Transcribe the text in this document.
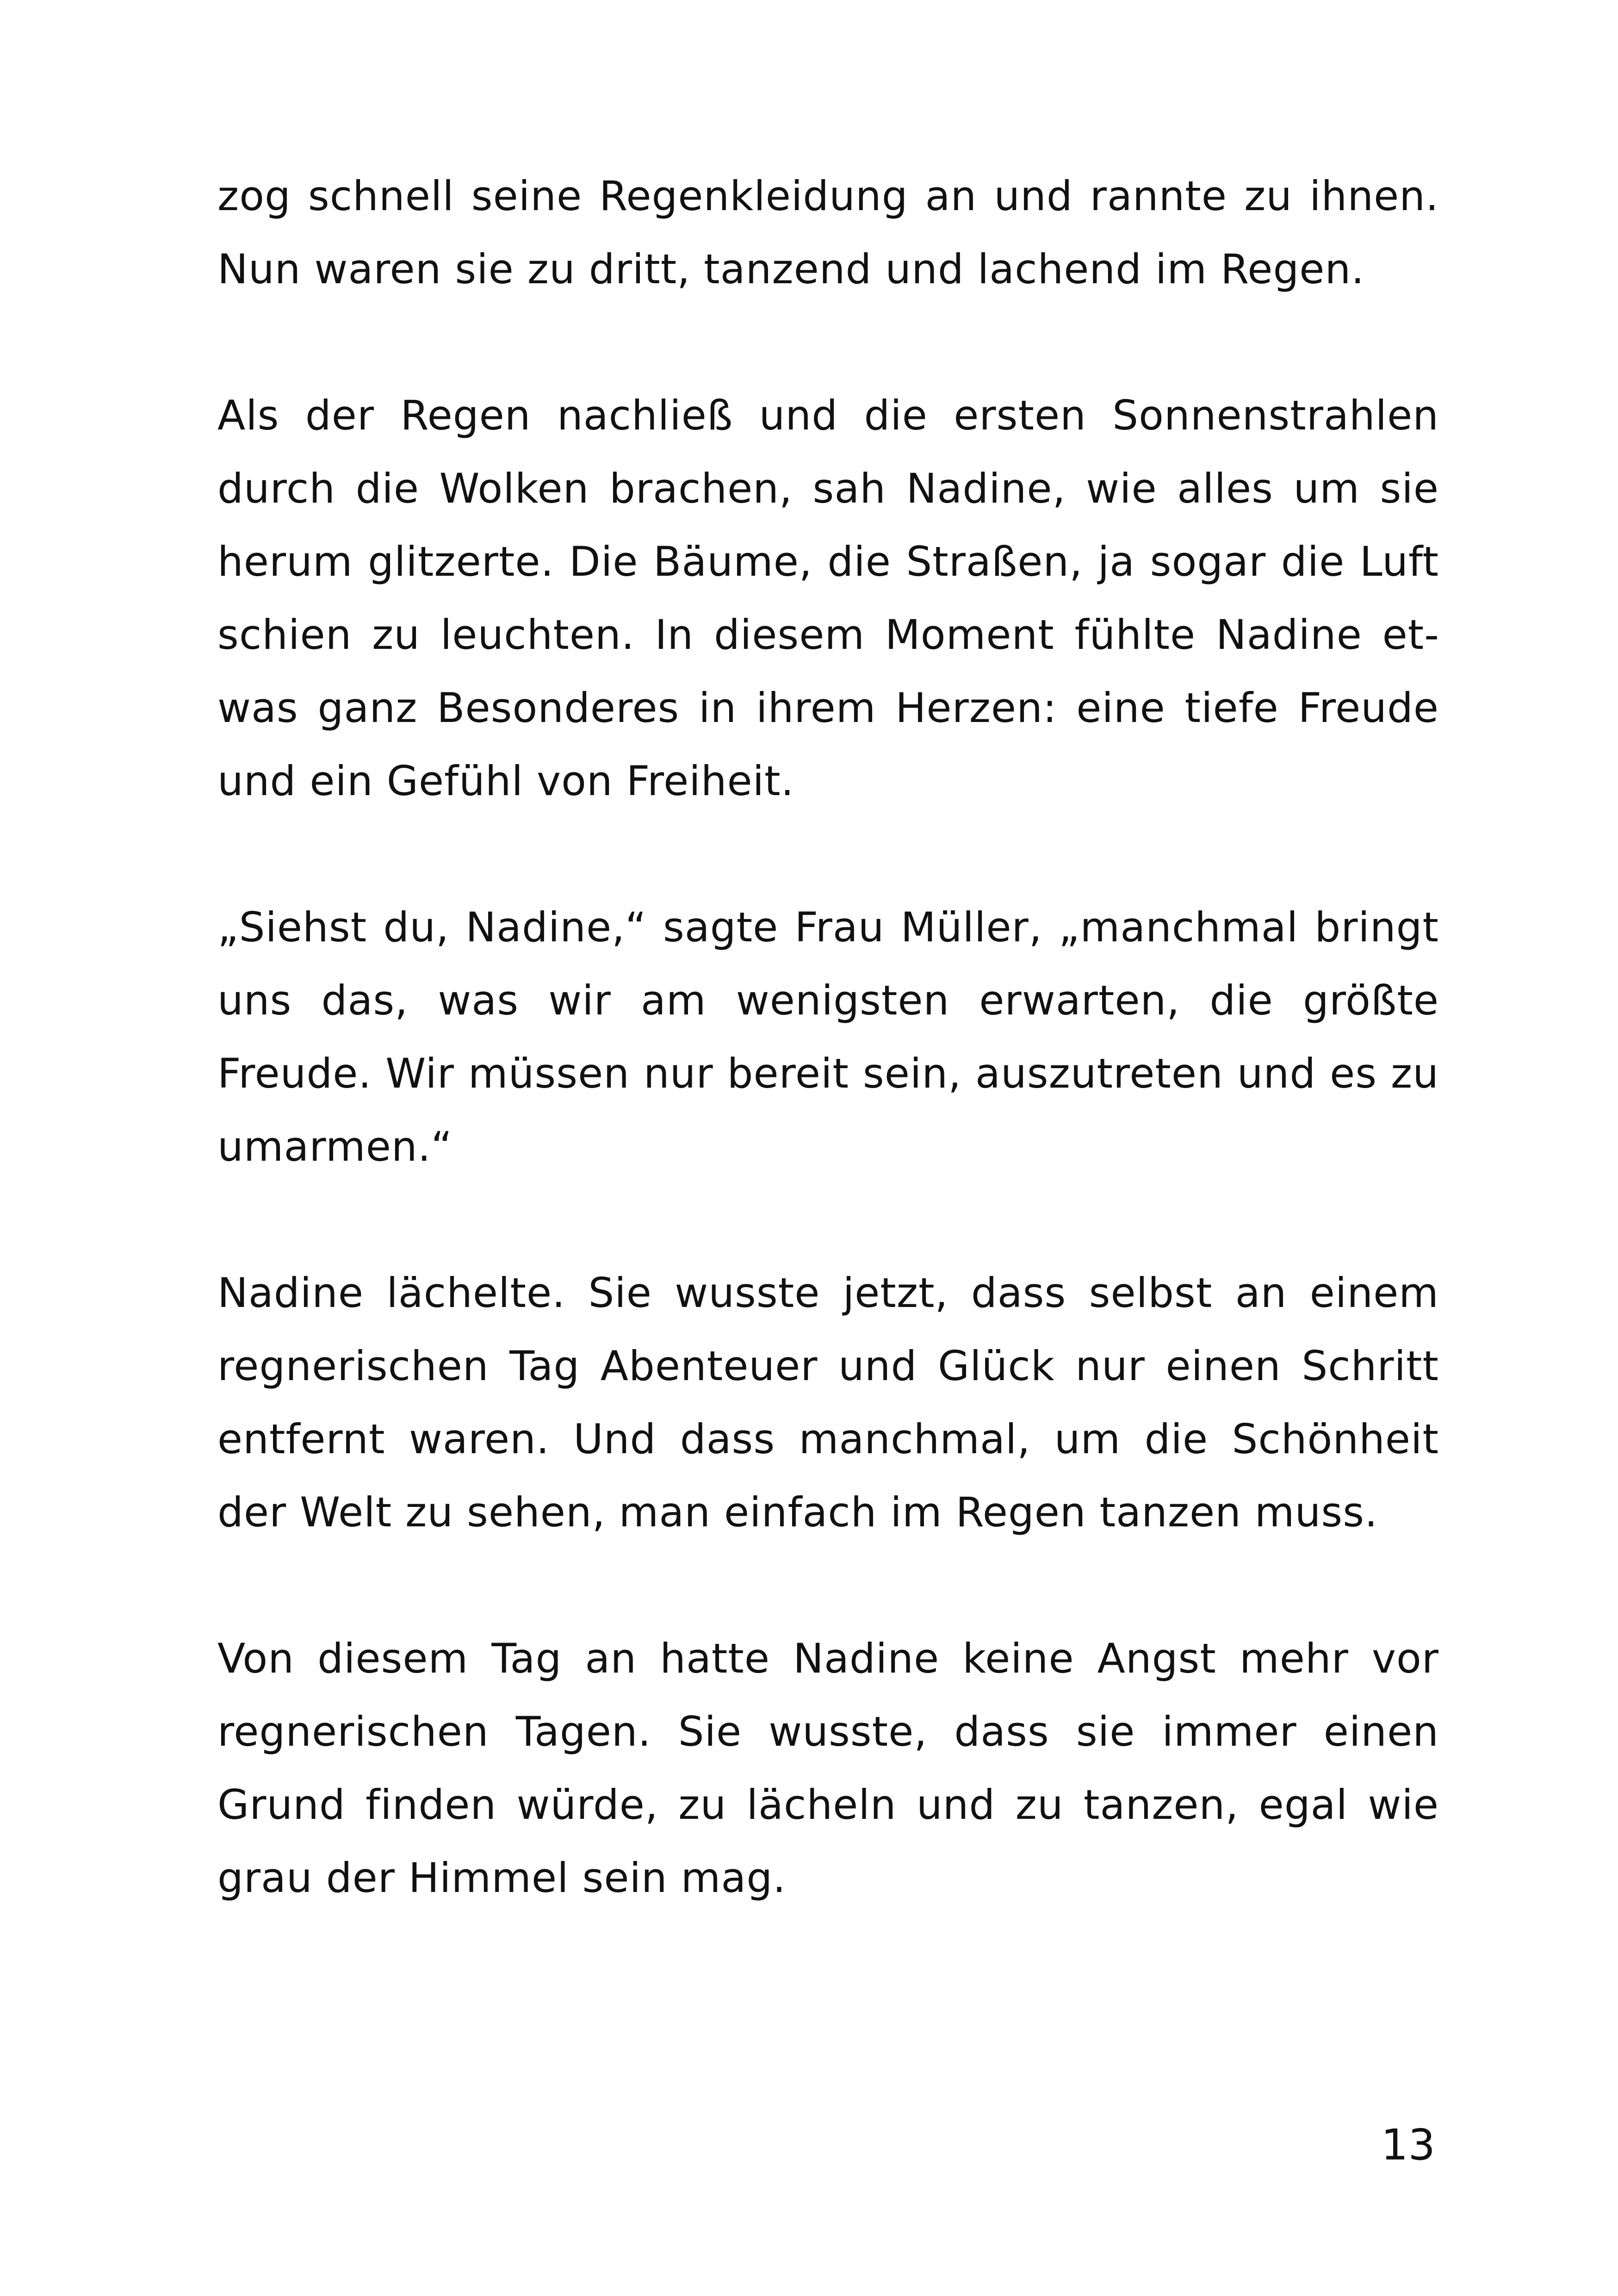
zog schnell seine Regenkleidung an und rannte zu ihnen. Nun waren sie zu dritt, tanzend und lachend im Regen.

Als der Regen nachließ und die ersten Sonnenstrahlen durch die Wolken brachen, sah Nadine, wie alles um sie herum glitzerte. Die Bäume, die Straßen, ja sogar die Luft schien zu leuchten. In diesem Moment fühlte Nadine etwas ganz Besonderes in ihrem Herzen: eine tiefe Freude und ein Gefühl von Freiheit.

„Siehst du, Nadine,“ sagte Frau Müller, „manchmal bringt uns das, was wir am wenigsten erwarten, die größte Freude. Wir müssen nur bereit sein, auszutreten und es zu umarmen.“

Nadine lächelte. Sie wusste jetzt, dass selbst an einem regnerischen Tag Abenteuer und Glück nur einen Schritt entfernt waren. Und dass manchmal, um die Schönheit der Welt zu sehen, man einfach im Regen tanzen muss.

Von diesem Tag an hatte Nadine keine Angst mehr vor regnerischen Tagen. Sie wusste, dass sie immer einen Grund finden würde, zu lächeln und zu tanzen, egal wie grau der Himmel sein mag.

13
